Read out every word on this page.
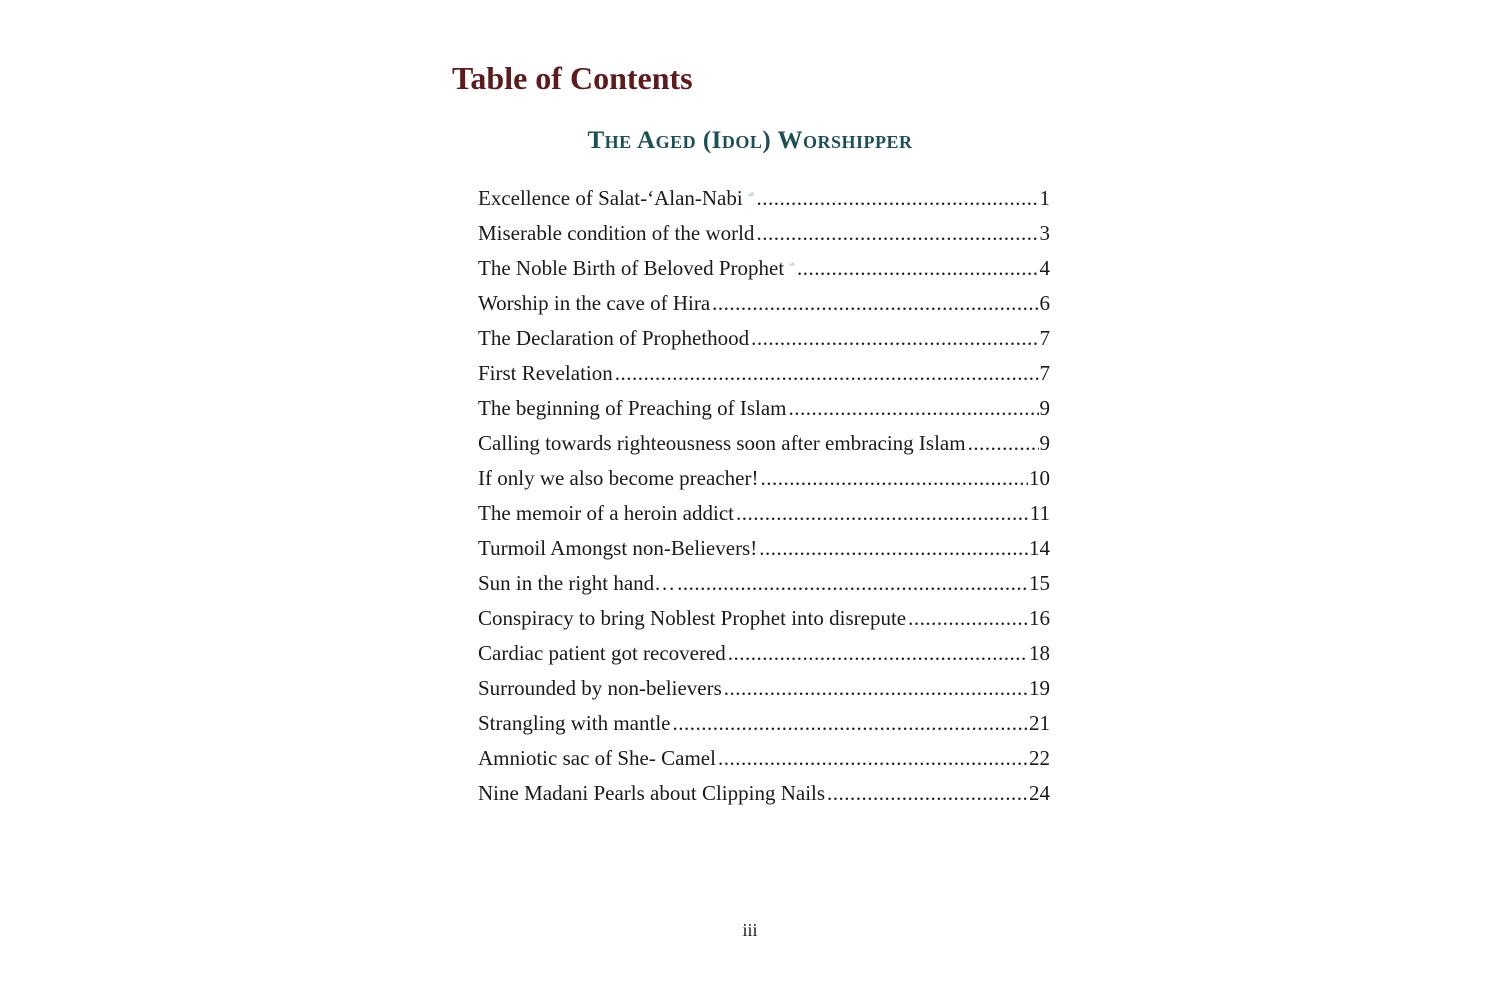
Table of Contents
The Aged (Idol) Worshipper
Excellence of Salat-‘Alan-Nabi .....	1
Miserable condition of the world .....	3
The Noble Birth of Beloved Prophet .....	4
Worship in the cave of Hira .....	6
The Declaration of Prophethood .....	7
First Revelation .....	7
The beginning of Preaching of Islam .....	9
Calling towards righteousness soon after embracing Islam .....	9
If only we also become preacher! .....	10
The memoir of a heroin addict .....	11
Turmoil Amongst non-Believers! .....	14
Sun in the right hand… .....	15
Conspiracy to bring Noblest Prophet into disrepute .....	16
Cardiac patient got recovered .....	18
Surrounded by non-believers .....	19
Strangling with mantle .....	21
Amniotic sac of She- Camel .....	22
Nine Madani Pearls about Clipping Nails .....	24
iii
